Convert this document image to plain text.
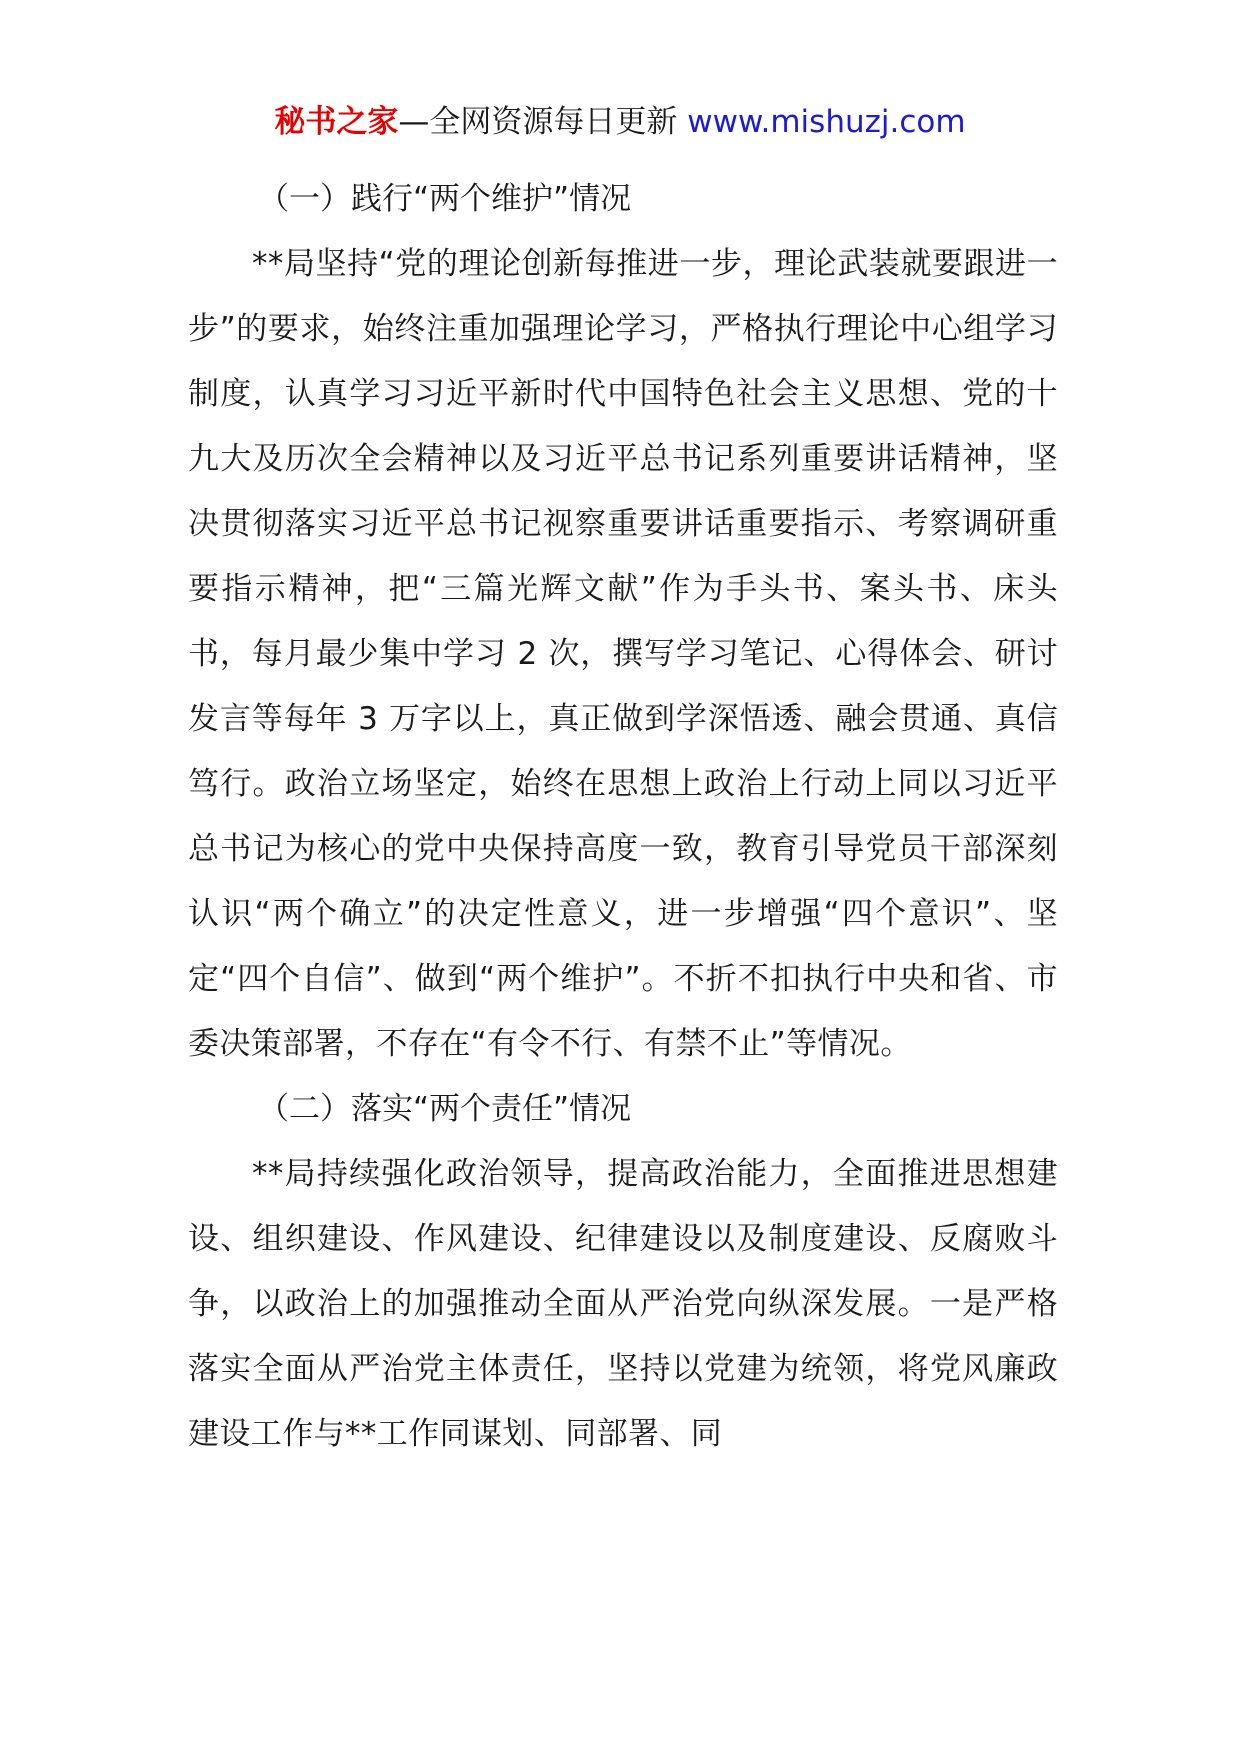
秘书之家—全网资源每日更新 www.mishuzj.com

（一）践行“两个维护”情况

**局坚持“党的理论创新每推进一步，理论武装就要跟进一步”的要求，始终注重加强理论学习，严格执行理论中心组学习制度，认真学习习近平新时代中国特色社会主义思想、党的十九大及历次全会精神以及习近平总书记系列重要讲话精神，坚决贯彻落实习近平总书记视察重要讲话重要指示、考察调研重要指示精神，把“三篇光辉文献”作为手头书、案头书、床头书，每月最少集中学习 2 次，撰写学习笔记、心得体会、研讨发言等每年 3 万字以上，真正做到学深悟透、融会贯通、真信笃行。政治立场坚定，始终在思想上政治上行动上同以习近平总书记为核心的党中央保持高度一致，教育引导党员干部深刻认识“两个确立”的决定性意义，进一步增强“四个意识”、坚定“四个自信”、做到“两个维护”。不折不扣执行中央和省、市委决策部署，不存在“有令不行、有禁不止”等情况。

（二）落实“两个责任”情况

**局持续强化政治领导，提高政治能力，全面推进思想建设、组织建设、作风建设、纪律建设以及制度建设、反腐败斗争，以政治上的加强推动全面从严治党向纵深发展。一是严格落实全面从严治党主体责任，坚持以党建为统领，将党风廉政建设工作与**工作同谋划、同部署、同
